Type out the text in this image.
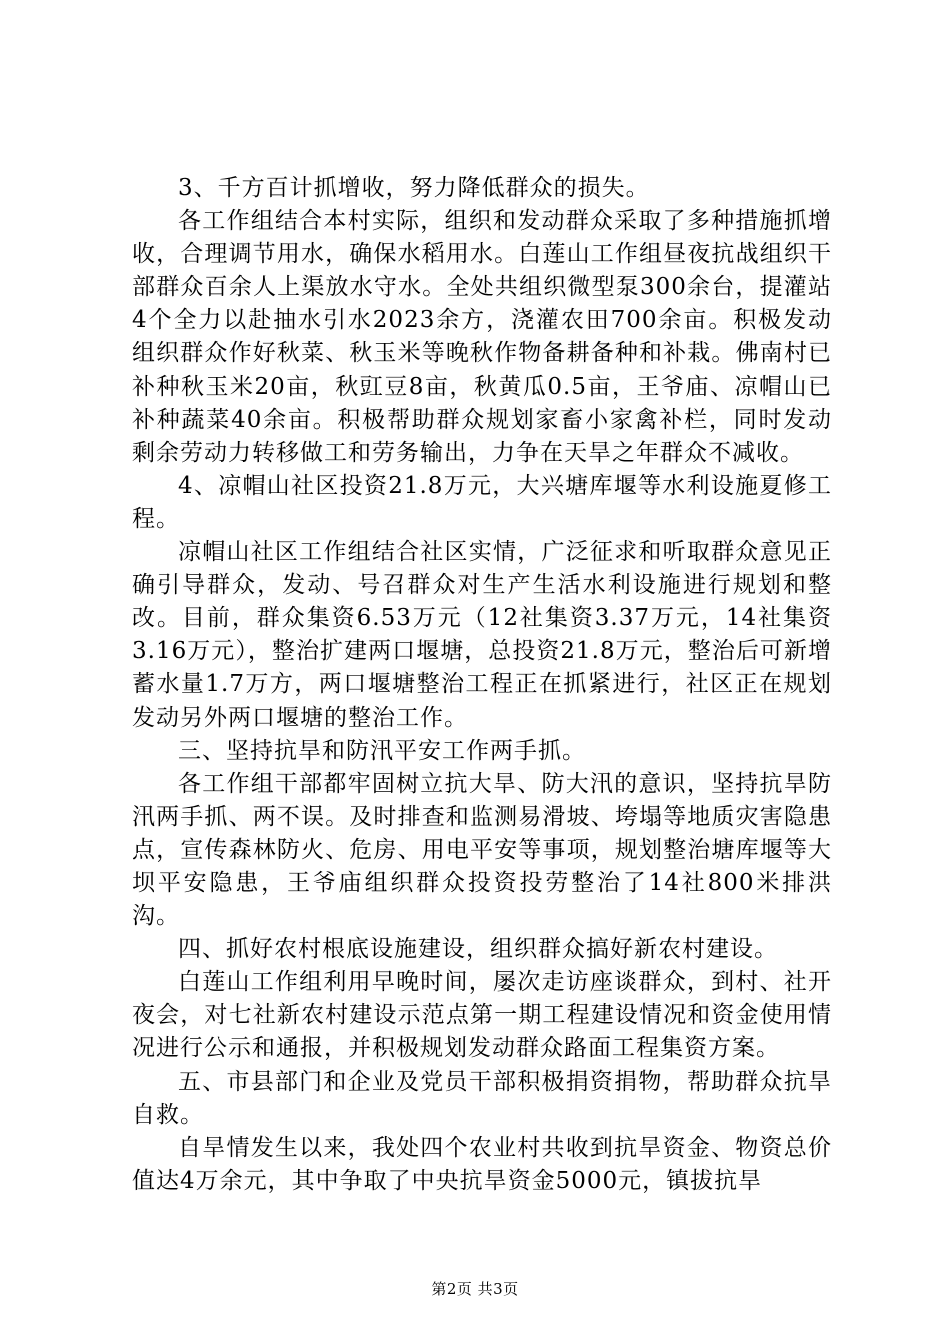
3、千方百计抓增收，努力降低群众的损失。

各工作组结合本村实际，组织和发动群众采取了多种措施抓增收，合理调节用水，确保水稻用水。白莲山工作组昼夜抗战组织干部群众百余人上渠放水守水。全处共组织微型泵300余台，提灌站4个全力以赴抽水引水2023余方，浇灌农田700余亩。积极发动组织群众作好秋菜、秋玉米等晚秋作物备耕备种和补栽。佛南村已补种秋玉米20亩，秋豇豆8亩，秋黄瓜0.5亩，王爷庙、凉帽山已补种蔬菜40余亩。积极帮助群众规划家畜小家禽补栏，同时发动剩余劳动力转移做工和劳务输出，力争在天旱之年群众不减收。

4、凉帽山社区投资21.8万元，大兴塘库堰等水利设施夏修工程。

凉帽山社区工作组结合社区实情，广泛征求和听取群众意见正确引导群众，发动、号召群众对生产生活水利设施进行规划和整改。目前，群众集资6.53万元（12社集资3.37万元，14社集资3.16万元），整治扩建两口堰塘，总投资21.8万元，整治后可新增蓄水量1.7万方，两口堰塘整治工程正在抓紧进行，社区正在规划发动另外两口堰塘的整治工作。

三、坚持抗旱和防汛平安工作两手抓。

各工作组干部都牢固树立抗大旱、防大汛的意识，坚持抗旱防汛两手抓、两不误。及时排查和监测易滑坡、垮塌等地质灾害隐患点，宣传森林防火、危房、用电平安等事项，规划整治塘库堰等大坝平安隐患，王爷庙组织群众投资投劳整治了14社800米排洪沟。

四、抓好农村根底设施建设，组织群众搞好新农村建设。

白莲山工作组利用早晚时间，屡次走访座谈群众，到村、社开夜会，对七社新农村建设示范点第一期工程建设情况和资金使用情况进行公示和通报，并积极规划发动群众路面工程集资方案。

五、市县部门和企业及党员干部积极捐资捐物，帮助群众抗旱自救。

自旱情发生以来，我处四个农业村共收到抗旱资金、物资总价值达4万余元，其中争取了中央抗旱资金5000元，镇拔抗旱

第2页 共3页
